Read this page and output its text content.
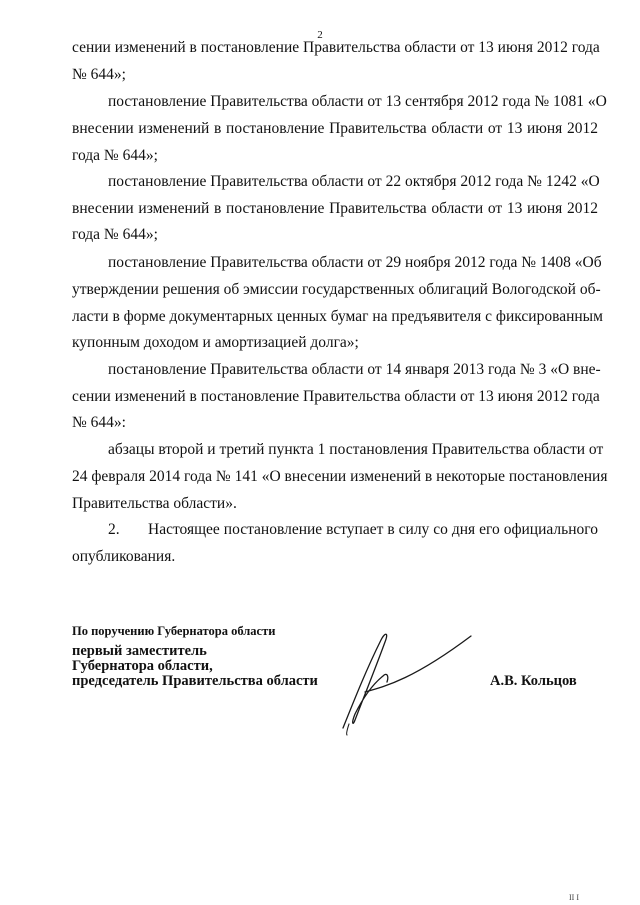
2
сении изменений в постановление Правительства области от 13 июня 2012 года
№ 644»;
постановление Правительства области от 13 сентября 2012 года № 1081 «О
внесении изменений в постановление Правительства области от 13 июня 2012
года № 644»;
постановление Правительства области от 22 октября 2012 года № 1242 «О
внесении изменений в постановление Правительства области от 13 июня 2012
года № 644»;
постановление Правительства области от 29 ноября 2012 года № 1408 «Об
утверждении решения об эмиссии государственных облигаций Вологодской об-
ласти в форме документарных ценных бумаг на предъявителя с фиксированным
купонным доходом и амортизацией долга»;
постановление Правительства области от 14 января 2013 года № 3 «О вне-
сении изменений в постановление Правительства области от 13 июня 2012 года
№ 644»:
абзацы второй и третий пункта 1 постановления Правительства области от
24 февраля 2014 года № 141 «О внесении изменений в некоторые постановления
Правительства области».
2. Настоящее постановление вступает в силу со дня его официального
опубликования.
По поручению Губернатора области
первый заместитель
Губернатора области,
председатель Правительства области	А.В. Кольцов
II I
